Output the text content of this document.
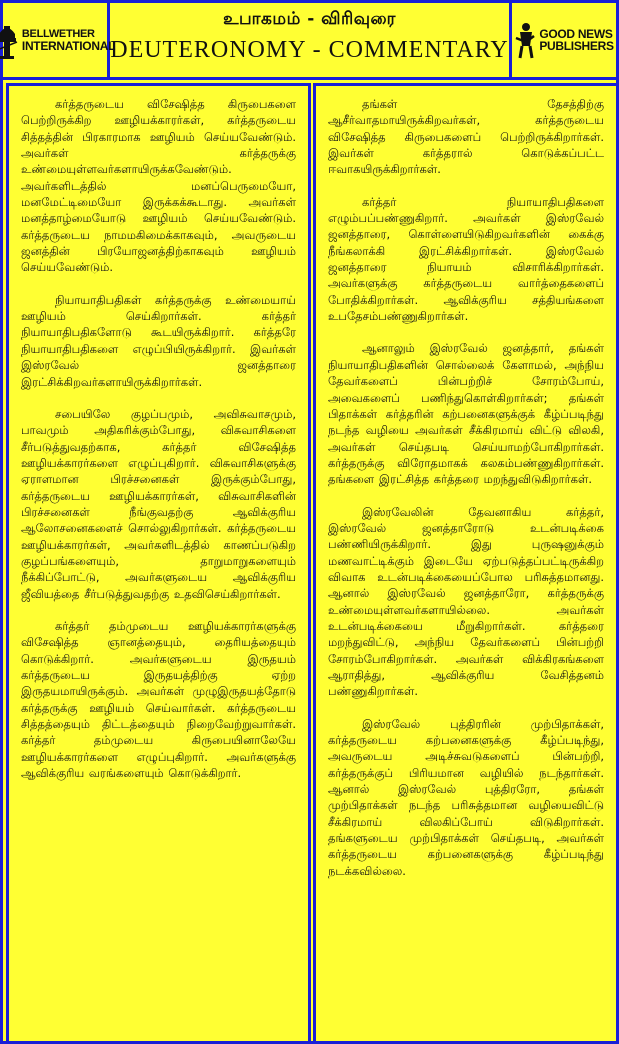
BELLWETHER
INTERNATIONAL
உபாகமம் - விரிவுரை
DEUTERONOMY - COMMENTARY
GOOD NEWS
PUBLISHERS

கர்த்தருடைய விசேஷித்த கிருபைகளை பெற்றிருக்கிற ஊழியக்காரர்கள், கர்த்தருடைய சித்தத்தின் பிரகாரமாக ஊழியம் செய்யவேண்டும். அவர்கள் கர்த்தருக்கு உண்மையுள்ளவர்களாயிருக்கவேண்டும். அவர்களிடத்தில் மனப்பெருமையோ, மனமேட்டிமையோ இருக்கக்கூடாது. அவர்கள் மனத்தாழ்மையோடு ஊழியம் செய்யவேண்டும். கர்த்தருடைய நாமமகிமைக்காகவும், அவருடைய ஜனத்தின் பிரயோஜனத்திற்காகவும் ஊழியம் செய்யவேண்டும்.

நியாயாதிபதிகள் கர்த்தருக்கு உண்மையாய் ஊழியம் செய்கிறார்கள். கர்த்தர் நியாயாதிபதிகளோடு கூடயிருக்கிறார். கர்த்தரே நியாயாதிபதிகளை எழுப்பியிருக்கிறார். இவர்கள் இஸ்ரவேல் ஜனத்தாரை இரட்சிக்கிறவர்களாயிருக்கிறார்கள்.

சபையிலே குழப்பமும், அவிசுவாசமும், பாவமும் அதிகரிக்கும்போது, விசுவாசிகளை சீர்படுத்துவதற்காக, கர்த்தர் விசேஷித்த ஊழியக்காரர்களை எழுப்புகிறார். விசுவாசிகளுக்கு ஏராளமான பிரச்சனைகள் இருக்கும்போது, கர்த்தருடைய ஊழியக்காரர்கள், விசுவாசிகளின் பிரச்சனைகள் நீங்குவதற்கு ஆவிக்குரிய ஆலோசனைகளைச் சொல்லுகிறார்கள். கர்த்தருடைய ஊழியக்காரர்கள், அவர்களிடத்தில் காணப்படுகிற குழப்பங்களையும், தாறுமாறுகளையும் நீக்கிப்போட்டு, அவர்களுடைய ஆவிக்குரிய ஜீவியத்தை சீர்படுத்துவதற்கு உதவிசெய்கிறார்கள்.

கர்த்தர் தம்முடைய ஊழியக்காரர்களுக்கு விசேஷித்த ஞானத்தையும், தைரியத்தையும் கொடுக்கிறார். அவர்களுடைய இருதயம் கர்த்தருடைய இருதயத்திற்கு ஏற்ற இருதயமாயிருக்கும். அவர்கள் முழுஇருதயத்தோடு கர்த்தருக்கு ஊழியம் செய்வார்கள். கர்த்தருடைய சித்தத்தையும் திட்டத்தையும் நிறைவேற்றுவார்கள். கர்த்தர் தம்முடைய கிருபையினாலேயே ஊழியக்காரர்களை எழுப்புகிறார். அவர்களுக்கு ஆவிக்குரிய வரங்களையும் கொடுக்கிறார்.

தங்கள் தேசத்திற்கு ஆசீர்வாதமாயிருக்கிறவர்கள், கர்த்தருடைய விசேஷித்த கிருபைகளைப் பெற்றிருக்கிறார்கள். இவர்கள் கர்த்தரால் கொடுக்கப்பட்ட ஈவாகயிருக்கிறார்கள்.

கர்த்தர் நியாயாதிபதிகளை எழும்பப்பண்ணுகிறார். அவர்கள் இஸ்ரவேல் ஜனத்தாரை, கொள்ளையிடுகிறவர்களின் கைக்கு நீங்கலாக்கி இரட்சிக்கிறார்கள். இஸ்ரவேல் ஜனத்தாரை நியாயம் விசாரிக்கிறார்கள். அவர்களுக்கு கர்த்தருடைய வார்த்தைகளைப் போதிக்கிறார்கள். ஆவிக்குரிய சத்தியங்களை உபதேசம்பண்ணுகிறார்கள்.

ஆனாலும் இஸ்ரவேல் ஜனத்தார், தங்கள் நியாயாதிபதிகளின் சொல்லைக் கேளாமல், அந்நிய தேவர்களைப் பின்பற்றிச் சோரம்போய், அவைகளைப் பணிந்துகொள்கிறார்கள்; தங்கள் பிதாக்கள் கர்த்தரின் கற்பனைகளுக்குக் கீழ்ப்படிந்து நடந்த வழியை அவர்கள் சீக்கிரமாய் விட்டு விலகி, அவர்கள் செய்தபடி செய்யாமற்போகிறார்கள். கர்த்தருக்கு விரோதமாகக் கலகம்பண்ணுகிறார்கள். தங்களை இரட்சித்த கர்த்தரை மறந்துவிடுகிறார்கள்.

இஸ்ரவேலின் தேவனாகிய கர்த்தர், இஸ்ரவேல் ஜனத்தாரோடு உடன்படிக்கை பண்ணியிருக்கிறார். இது புருஷனுக்கும் மணவாட்டிக்கும் இடையே ஏற்படுத்தப்பட்டிருக்கிற விவாக உடன்படிக்கையைப்போல பரிசுத்தமானது. ஆனால் இஸ்ரவேல் ஜனத்தாரோ, கர்த்தருக்கு உண்மையுள்ளவர்களாயில்லை. அவர்கள் உடன்படிக்கையை மீறுகிறார்கள். கர்த்தரை மறந்துவிட்டு, அந்நிய தேவர்களைப் பின்பற்றி சோரம்போகிறார்கள். அவர்கள் விக்கிரகங்களை ஆராதித்து, ஆவிக்குரிய வேசித்தனம் பண்ணுகிறார்கள்.

இஸ்ரவேல் புத்திரரின் முற்பிதாக்கள், கர்த்தருடைய கற்பனைகளுக்கு கீழ்ப்படிந்து, அவருடைய அடிச்சுவடுகளைப் பின்பற்றி, கர்த்தருக்குப் பிரியமான வழியில் நடந்தார்கள். ஆனால் இஸ்ரவேல் புத்திரரோ, தங்கள் முற்பிதாக்கள் நடந்த பரிசுத்தமான வழியைவிட்டு சீக்கிரமாய் விலகிப்போய் விடுகிறார்கள். தங்களுடைய முற்பிதாக்கள் செய்தபடி, அவர்கள் கர்த்தருடைய கற்பனைகளுக்கு கீழ்ப்படிந்து நடக்கவில்லை.
